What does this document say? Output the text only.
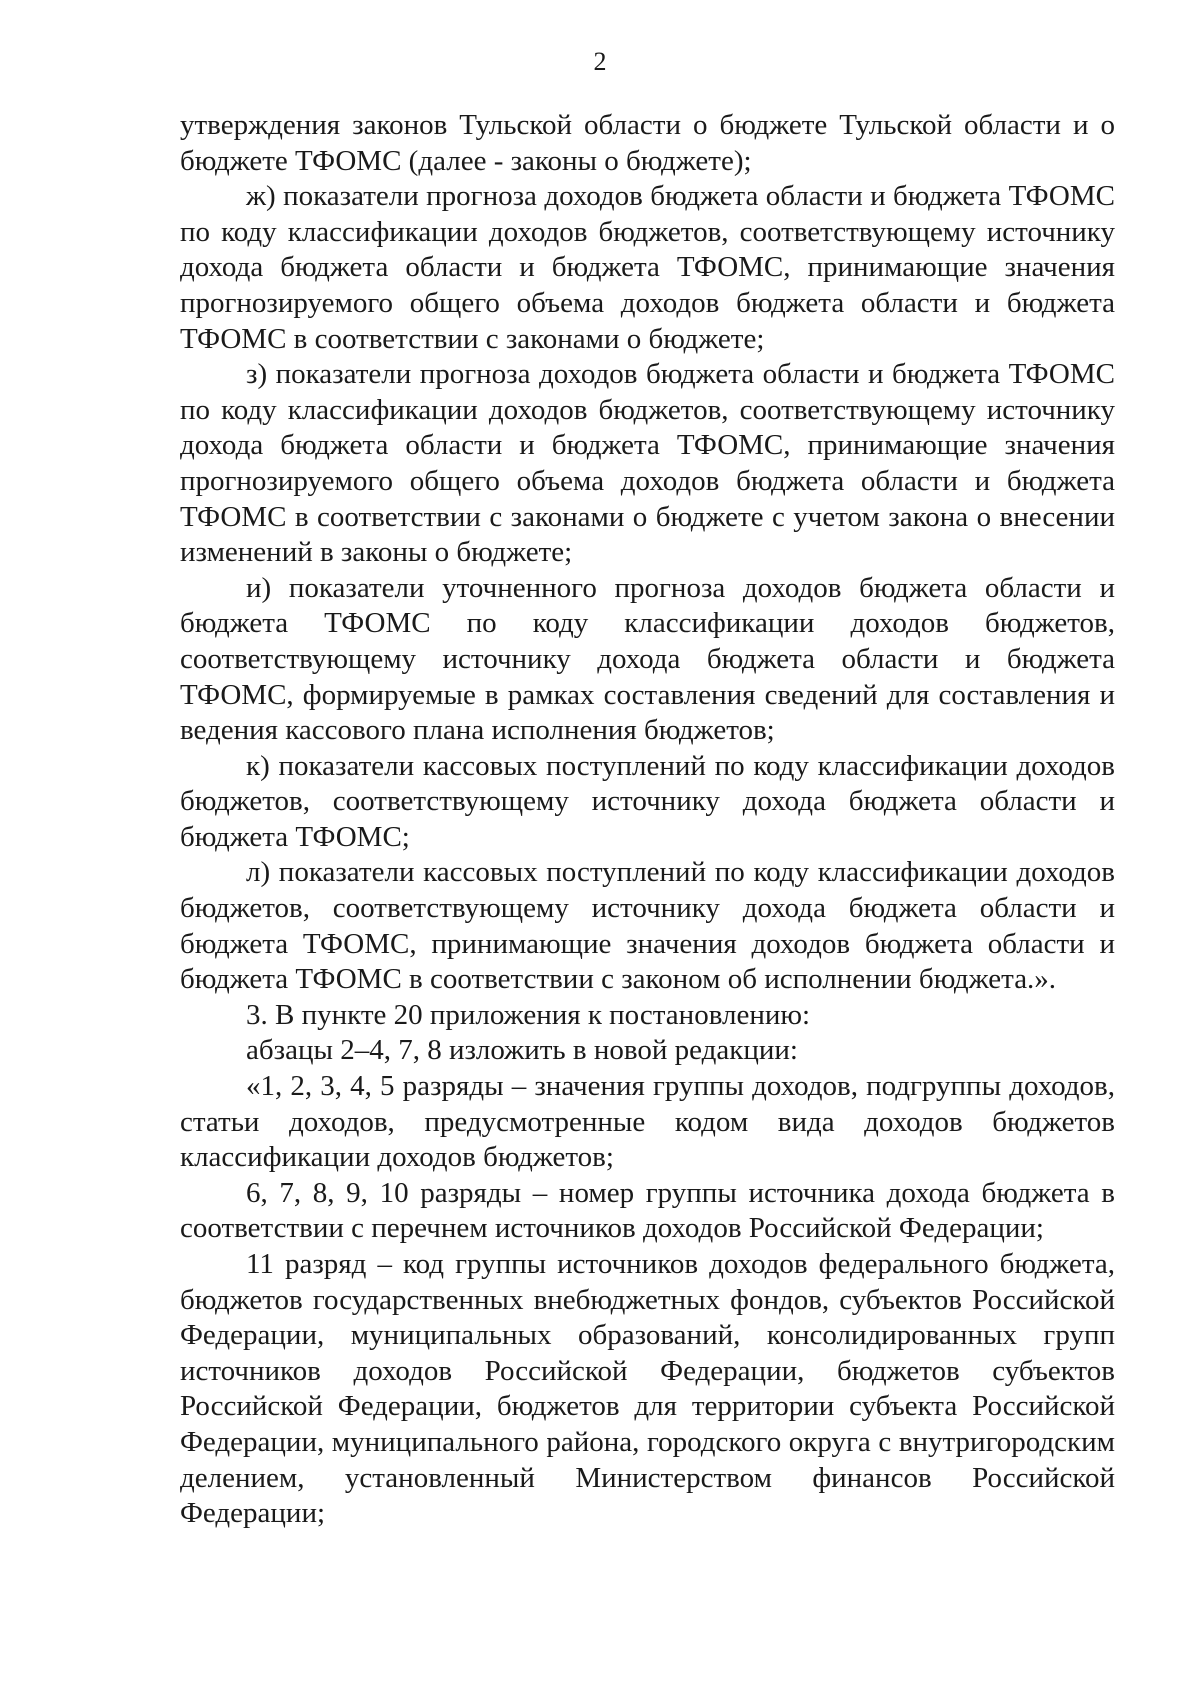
2

утверждения законов Тульской области о бюджете Тульской области и о бюджете ТФОМС (далее - законы о бюджете);

ж) показатели прогноза доходов бюджета области и бюджета ТФОМС по коду классификации доходов бюджетов, соответствующему источнику дохода бюджета области и бюджета ТФОМС, принимающие значения прогнозируемого общего объема доходов бюджета области и бюджета ТФОМС в соответствии с законами о бюджете;

з) показатели прогноза доходов бюджета области и бюджета ТФОМС по коду классификации доходов бюджетов, соответствующему источнику дохода бюджета области и бюджета ТФОМС, принимающие значения прогнозируемого общего объема доходов бюджета области и бюджета ТФОМС в соответствии с законами о бюджете с учетом закона о внесении изменений в законы о бюджете;

и) показатели уточненного прогноза доходов бюджета области и бюджета ТФОМС по коду классификации доходов бюджетов, соответствующему источнику дохода бюджета области и бюджета ТФОМС, формируемые в рамках составления сведений для составления и ведения кассового плана исполнения бюджетов;

к) показатели кассовых поступлений по коду классификации доходов бюджетов, соответствующему источнику дохода бюджета области и бюджета ТФОМС;

л) показатели кассовых поступлений по коду классификации доходов бюджетов, соответствующему источнику дохода бюджета области и бюджета ТФОМС, принимающие значения доходов бюджета области и бюджета ТФОМС в соответствии с законом об исполнении бюджета.».

3. В пункте 20 приложения к постановлению:

абзацы 2–4, 7, 8 изложить в новой редакции:

«1, 2, 3, 4, 5 разряды – значения группы доходов, подгруппы доходов, статьи доходов, предусмотренные кодом вида доходов бюджетов классификации доходов бюджетов;

6, 7, 8, 9, 10 разряды – номер группы источника дохода бюджета в соответствии с перечнем источников доходов Российской Федерации;

11 разряд – код группы источников доходов федерального бюджета, бюджетов государственных внебюджетных фондов, субъектов Российской Федерации, муниципальных образований, консолидированных групп источников доходов Российской Федерации, бюджетов субъектов Российской Федерации, бюджетов для территории субъекта Российской Федерации, муниципального района, городского округа с внутригородским делением, установленный Министерством финансов Российской Федерации;
